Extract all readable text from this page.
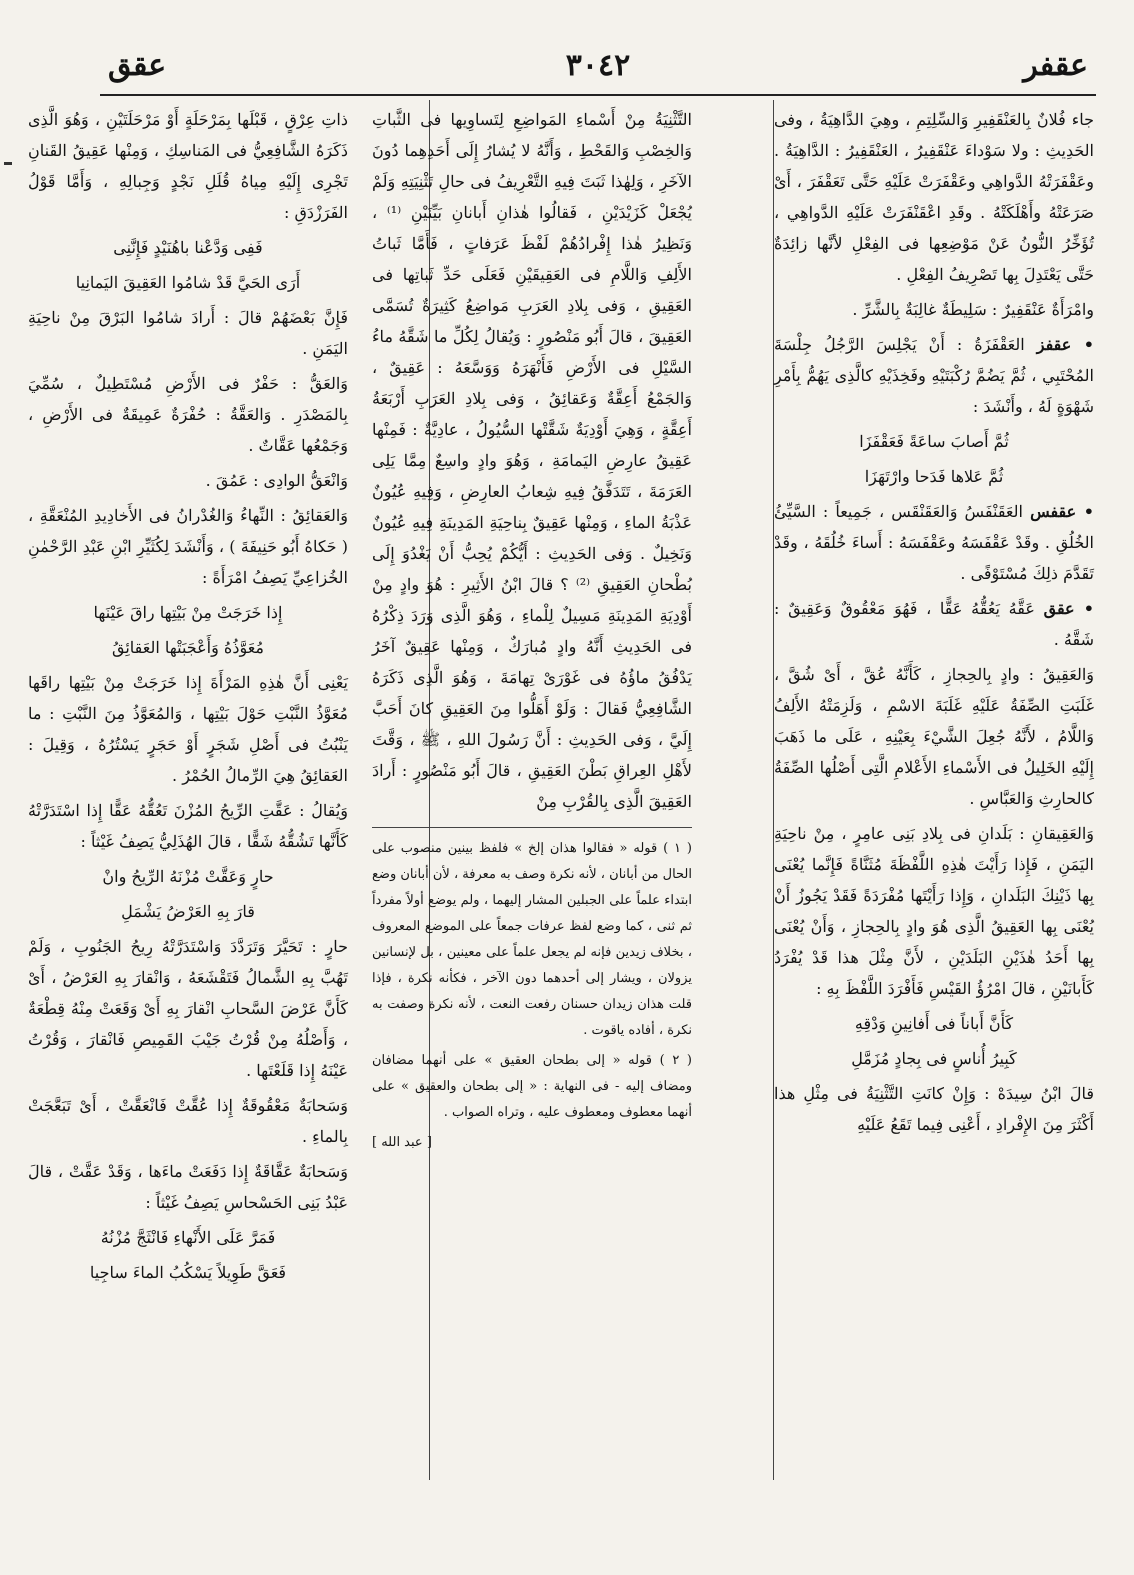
عقفر
٣٠٤٢
عقق

جاء فُلانٌ بِالعَنْقَفِيرِ وَالسِّلِتِمِ ، وهِيَ الدَّاهِيَةُ ، وفى الحَدِيثِ : ولا سَوْداءَ عَنْقَفِيرُ ، العَنْقَفِيرُ : الدَّاهِيَةُ . وعَقْفَرَتْهُ الدَّواهِي وعَقْفَرَتْ عَلَيْهِ حَتَّى تَعَقْفَرَ ، أَىْ صَرَعَتْهُ وأَهْلَكَتْهُ . وقَدِ اعْقَنْفَرَتْ عَلَيْهِ الدَّواهِي ، تُؤَخِّرُ النُّونُ عَنْ مَوْضِعِها فى الفِعْلِ لأنَّها زائِدَةٌ حَتَّى يَعْتَدِلَ بِها تَصْرِيفُ الفِعْلِ .

وامْرَأَةٌ عَنْقَفِيرٌ : سَلِيطَةٌ غالِبَةٌ بِالشَّرِّ .

• عقفز العَقْفَزَةُ : أَنْ يَجْلِسَ الرَّجُلُ جِلْسَةَ المُحْتَبِي ، ثُمَّ يَضُمَّ رُكْبَتَيْهِ وفَخِذَيْهِ كالَّذِى يَهُمُّ بِأَمْرِ شَهْوَةٍ لَهُ ، وأَنْشَدَ :

ثُمَّ أَصابَ ساعَةً فَعَقْفَزَا
ثُمَّ عَلاها فَدَحا وارْتَهَزَا

• عقفس العَقَنْفَسُ وَالعَقَنْقَس ، جَمِيعاً : السَّيِّئُ الخُلُقِ . وقَدْ عَقْفَسَهُ وعَقْفَسَهُ : أَساءَ خُلُقَهُ ، وقَدْ تَقَدَّمَ ذلِكَ مُسْتَوْفًى .

• عقق عَقَّهُ يَعُقُّهُ عَقًّا ، فَهُوَ مَعْقُوقٌ وَعَقِيقٌ : شَقَّهُ .

وَالعَقِيقُ : وادٍ بِالحِجازِ ، كَأَنَّهُ عُقَّ ، أَىْ شُقَّ ، غَلَبَتِ الصِّفَةُ عَلَيْهِ غَلَبَةَ الاسْمِ ، وَلَزِمَتْهُ الأَلِفُ وَاللَّامُ ، لأَنَّهُ جُعِلَ الشَّيْءَ بِعَيْنِهِ ، عَلَى ما ذَهَبَ إِلَيْهِ الخَلِيلُ فى الأَسْماءِ الأَعْلامِ الَّتِى أَصْلُها الصِّفَةُ كالحارِثِ وَالعَبَّاسِ .

وَالعَقِيقانِ : بَلَدانِ فى بِلادِ بَنِى عامِرٍ ، مِنْ ناحِيَةِ اليَمَنِ ، فَإِذا رَأَيْتَ هٰذِهِ اللَّفْظَةَ مُثَنَّاةً فَإِنَّما يُعْنَى بِها ذَيْنِكَ البَلَدانِ ، وَإِذا رَأَيْتَها مُفْرَدَةً فَقَدْ يَجُوزُ أَنْ يُعْنَى بِها العَقِيقُ الَّذِى هُوَ وادٍ بِالحِجازِ ، وَأَنْ يُعْنَى بِها أَحَدُ هٰذَيْنِ البَلَدَيْنِ ، لأَنَّ مِثْلَ هذا قَدْ يُفْرَدُ كَأَبانَيْنِ ، قالَ امْرُؤُ القَيْسِ فَأَفْرَدَ اللَّفْظَ بِهِ :

كَأَنَّ أَباناً فى أَفانِينِ وَدْقِهِ
كَبِيرُ أُناسٍ فى بِجادٍ مُزَمَّلِ

قالَ ابْنُ سِيدَهْ : وَإِنْ كانَتِ التَّثْنِيَةُ فى مِثْلِ هذا أَكْثَرَ مِنَ الإِفْرادِ ، أَعْنِى فِيما تَقَعُ عَلَيْهِ

التَّثْنِيَةُ مِنْ أَسْماءِ المَواضِعِ لِتَساوِيها فى الثَّباتِ وَالخِصْبِ وَالقَحْطِ ، وَأَنَّهُ لا يُشارُ إِلَى أَحَدِهِما دُونَ الآخَرِ ، وَلِهٰذا ثَبَتَ فِيهِ التَّعْرِيفُ فى حالِ تَثْنِيَتِهِ وَلَمْ يُجْعَلْ كَزَيْدَيْنِ ، فَقالُوا هٰذانِ أَبانانِ بَيِّنَيْنِ ⁽¹⁾ ، وَنَظِيرُ هٰذا إِفْرادُهُمْ لَفْظَ عَرَفاتٍ ، فَأَمَّا ثَباتُ الأَلِفِ وَاللَّامِ فى العَقِيقَيْنِ فَعَلَى حَدِّ ثَباتِها فى العَقِيقِ ، وَفى بِلادِ العَرَبِ مَواضِعُ كَثِيرَةٌ تُسَمَّى العَقِيقَ ، قالَ أَبُو مَنْصُورٍ : وَيُقالُ لِكُلِّ ما شَقَّهُ ماءُ السَّيْلِ فى الأَرْضِ فَأَنْهَرَهُ وَوَسَّعَهُ : عَقِيقٌ ، وَالجَمْعُ أَعِقَّةٌ وَعَقائِقُ ، وَفى بِلادِ العَرَبِ أَرْبَعَةُ أَعِقَّةٍ ، وَهِيَ أَوْدِيَةٌ شَقَّتْها السُّيُولُ ، عادِيَّةٌ : فَمِنْها عَقِيقُ عارِضِ اليَمامَةِ ، وَهُوَ وادٍ واسِعٌ مِمَّا يَلِى العَرَمَةَ ، تَتَدَفَّقُ فِيهِ شِعابُ العارِضِ ، وَفِيهِ عُيُونٌ عَذْبَةُ الماءِ ، وَمِنْها عَقِيقٌ بِناحِيَةِ المَدِينَةِ فِيهِ عُيُونٌ وَنَخِيلٌ . وَفى الحَدِيثِ : أَيُّكُمْ يُحِبُّ أَنْ يَغْدُوَ إِلَى بُطْحانِ العَقِيقِ ⁽²⁾ ؟ قالَ ابْنُ الأَثِيرِ : هُوَ وادٍ مِنْ أَوْدِيَةِ المَدِينَةِ مَسِيلٌ لِلْماءِ ، وَهُوَ الَّذِى وَرَدَ ذِكْرُهُ فى الحَدِيثِ أَنَّهُ وادٍ مُبارَكٌ ، وَمِنْها عَقِيقٌ آخَرُ يَدْفُقُ ماؤُهُ فى غَوْرَىْ تِهامَةَ ، وَهُوَ الَّذِى ذَكَرَهُ الشَّافِعِيُّ فَقالَ : وَلَوْ أَهَلُّوا مِنَ العَقِيقِ كانَ أَحَبَّ إِلَيَّ ، وَفى الحَدِيثِ : أَنَّ رَسُولَ اللهِ ، ﷺ ، وَقَّتَ لأَهْلِ العِراقِ بَطْنَ العَقِيقِ ، قالَ أَبُو مَنْصُورٍ : أَرادَ العَقِيقَ الَّذِى بِالقُرْبِ مِنْ

( ١ ) قوله « فقالوا هذان إلخ » فلفظ بينين منصوب على الحال من أبانان ، لأنه نكرة وصف به معرفة ، لأن أبانان وضع ابتداء علماً على الجبلين المشار إليهما ، ولم يوضع أولاً مفرداً ثم ثنى ، كما وضع لفظ عرفات جمعاً على الموضع المعروف ، بخلاف زيدين فإنه لم يجعل علماً على معينين ، بل لإنسانين يزولان ، ويشار إلى أحدهما دون الآخر ، فكأنه نكرة ، فإذا قلت هذان زيدان حسنان رفعت النعت ، لأنه نكرة وصفت به نكرة ، أفاده ياقوت .

( ٢ ) قوله « إلى بطحان العقيق » على أنهما مضافان ومضاف إليه - فى النهاية : « إلى بطحان والعقيق » على أنهما معطوف ومعطوف عليه ، وتراه الصواب .

[ عبد الله ]

ذاتِ عِرْقٍ ، قَبْلَها بِمَرْحَلَةٍ أَوْ مَرْحَلَتَيْنِ ، وَهُوَ الَّذِى ذَكَرَهُ الشَّافِعِيُّ فى المَناسِكِ ، وَمِنْها عَقِيقُ القَنانِ تَجْرِى إِلَيْهِ مِياهُ قُلَلِ نَجْدٍ وَجِبالِهِ ، وَأَمَّا قَوْلُ الفَرَزْدَقِ :

فَفِى وَدَّعْنا باهُنَيْدٍ فَإِنَّنِى
أَرَى الحَيَّ قَدْ شامُوا العَقِيقَ اليَمانِيا

فَإِنَّ بَعْضَهُمْ قالَ : أَرادَ شامُوا البَرْقَ مِنْ ناحِيَةِ اليَمَنِ .

وَالعَقُّ : حَفْرٌ فى الأَرْضِ مُسْتَطِيلٌ ، سُمِّيَ بِالمَصْدَرِ . وَالعَقَّةُ : حُفْرَةٌ عَمِيقَةٌ فى الأَرْضِ ، وَجَمْعُها عَقَّاتٌ .

وَانْعَقُّ الوادِى : عَمُقَ .

وَالعَقائِقُ : النِّهاءُ وَالغُدْرانُ فى الأَخادِيدِ المُنْعَقَّةِ ، ( حَكاهُ أَبُو حَنِيفَةَ ) ، وَأَنْشَدَ لِكُثَيِّرِ ابْنِ عَبْدِ الرَّحْمٰنِ الخُزاعِيِّ يَصِفُ امْرَأَةً :

إِذا خَرَجَتْ مِنْ بَيْتِها راقَ عَيْنَها
مُعَوَّذُهُ وَأَعْجَبَتْها العَقائِقُ

يَعْنِى أَنَّ هٰذِهِ المَرْأَةَ إِذا خَرَجَتْ مِنْ بَيْتِها راقَها مُعَوَّذُ النَّبْتِ حَوْلَ بَيْتِها ، وَالمُعَوَّذُ مِنَ النَّبْتِ : ما يَنْبُتُ فى أَصْلِ شَجَرٍ أَوْ حَجَرٍ يَسْتُرُهُ ، وَقِيلَ : العَقائِقُ هِيَ الرِّمالُ الحُمْرُ .

وَيُقالُ : عَقَّتِ الرِّيحُ المُزْنَ تَعُقُّهُ عَقًّا إِذا اسْتَدَرَّتْهُ كَأَنَّها تَشُقُّهُ شَقًّا ، قالَ الهُذَلِيُّ يَصِفُ غَيْثاً :

حارٍ وَعَقَّتْ مُزْنَهُ الرِّيحُ وانْ
قارَ بِهِ العَرْضُ يَشْمَلِ

حارٍ : تَحَيَّرَ وَتَرَدَّدَ وَاسْتَدَرَّتْهُ رِيحُ الجَنُوبِ ، وَلَمْ تَهُبَّ بِهِ الشَّمالُ فَتَقْشَعَهُ ، وَانْقارَ بِهِ العَرْضُ ، أَىْ كَأَنَّ عَرْضَ السَّحابِ انْقارَ بِهِ أَىْ وَقَعَتْ مِنْهُ قِطْعَةٌ ، وَأَصْلُهُ مِنْ قُرْتُ جَيْبَ القَمِيصِ فَانْقارَ ، وَقُرْتُ عَيْنَهُ إِذا قَلَعْتَها .

وَسَحابَةٌ مَعْقُوقَةٌ إِذا عُقَّتْ فَانْعَقَّتْ ، أَىْ تَبَعَّجَتْ بِالماءِ .

وَسَحابَةٌ عَقَّاقَةٌ إِذا دَفَعَتْ ماءَها ، وَقَدْ عَقَّتْ ، قالَ عَبْدُ بَنِى الحَسْحاسِ يَصِفُ غَيْثاً :

فَمَرَّ عَلَى الأَنْهاءِ فَانْثَجَّ مُزْنُهُ
فَعَقَّ طَوِيلاً يَسْكُبُ الماءَ ساجِيا
